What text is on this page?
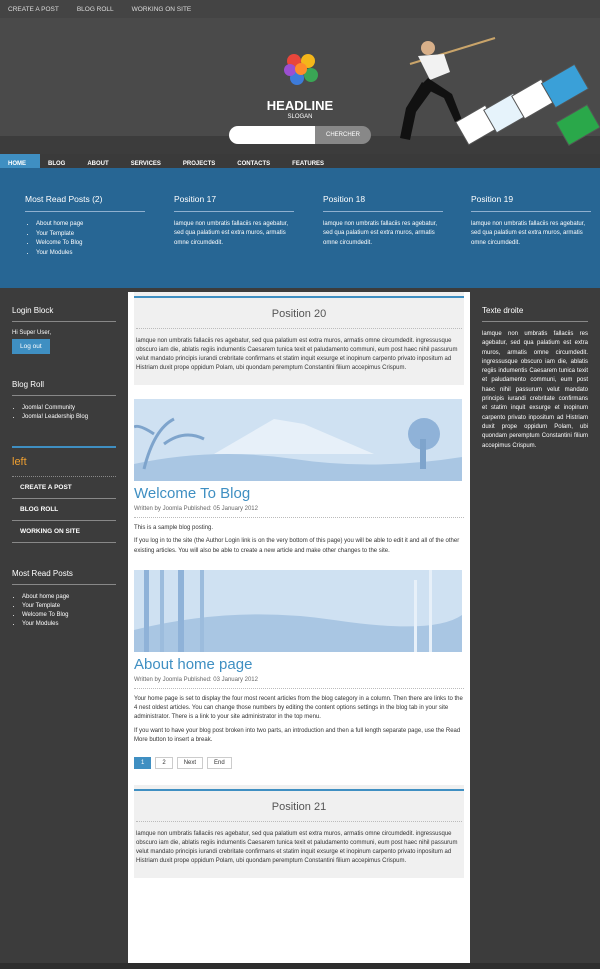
CREATE A POST	BLOG ROLL	WORKING ON SITE
HEADLINE
SLOGAN
CHERCHER
HOME	BLOG	ABOUT	SERVICES	PROJECTS	CONTACTS	FEATURES
Most Read Posts (2)
• About home page
• Your Template
• Welcome To Blog
• Your Modules
Position 17

lamque non umbratis fallaciis res agebatur, sed qua palatium est extra muros, armatis omne circumdedit.

Position 18

lamque non umbratis fallaciis res agebatur, sed qua palatium est extra muros, armatis omne circumdedit.

Position 19

lamque non umbratis fallaciis res agebatur, sed qua palatium est extra muros, armatis omne circumdedit.

Login Block
Hi Super User,
Log out
Blog Roll
• Joomla! Community
• Joomla! Leadership Blog
left
CREATE A POST
BLOG ROLL
WORKING ON SITE
Most Read Posts
• About home page
• Your Template
• Welcome To Blog
• Your Modules
Position 20

lamque non umbratis fallaciis res agebatur, sed qua palatium est extra muros, armatis omne circumdedit. ingressusque obscuro iam die, ablatis regiis indumentis Caesarem tunica texit et paludamento communi, eum post haec nihil passurum velut mandato principis iurandi crebritate confirmans et statim inquit exsurge et inopinum carpento privato inpositum ad Histriam duxit prope oppidum Polam, ubi quondam peremptum Constantini filium accepimus Crispum.

Welcome To Blog
Written by Joomla Published: 05 January 2012

This is a sample blog posting.

If you log in to the site (the Author Login link is on the very bottom of this page) you will be able to edit it and all of the other existing articles. You will also be able to create a new article and make other changes to the site.

About home page
Written by Joomla Published: 03 January 2012

Your home page is set to display the four most recent articles from the blog category in a column. Then there are links to the 4 nest oldest articles. You can change those numbers by editing the content options settings in the blog tab in your site administrator. There is a link to your site administrator in the top menu.

If you want to have your blog post broken into two parts, an introduction and then a full length separate page, use the Read More button to insert a break.

1	2	Next	End
Position 21

lamque non umbratis fallaciis res agebatur, sed qua palatium est extra muros, armatis omne circumdedit. ingressusque obscuro iam die, ablatis regiis indumentis Caesarem tunica texit et paludamento communi, eum post haec nihil passurum velut mandato principis iurandi crebritate confirmans et statim inquit exsurge et inopinum carpento privato inpositum ad Histriam duxit prope oppidum Polam, ubi quondam peremptum Constantini filium accepimus Crispum.

Texte droite

lamque non umbratis fallaciis res agebatur, sed qua palatium est extra muros, armatis omne circumdedit. ingressusque obscuro iam die, ablatis regiis indumentis Caesarem tunica texit et paludamento communi, eum post haec nihil passurum velut mandato principis iurandi crebritate confirmans et statim inquit exsurge et inopinum carpento privato inpositum ad Histriam duxit prope oppidum Polam, ubi quondam peremptum Constantini filium accepimus Crispum.
